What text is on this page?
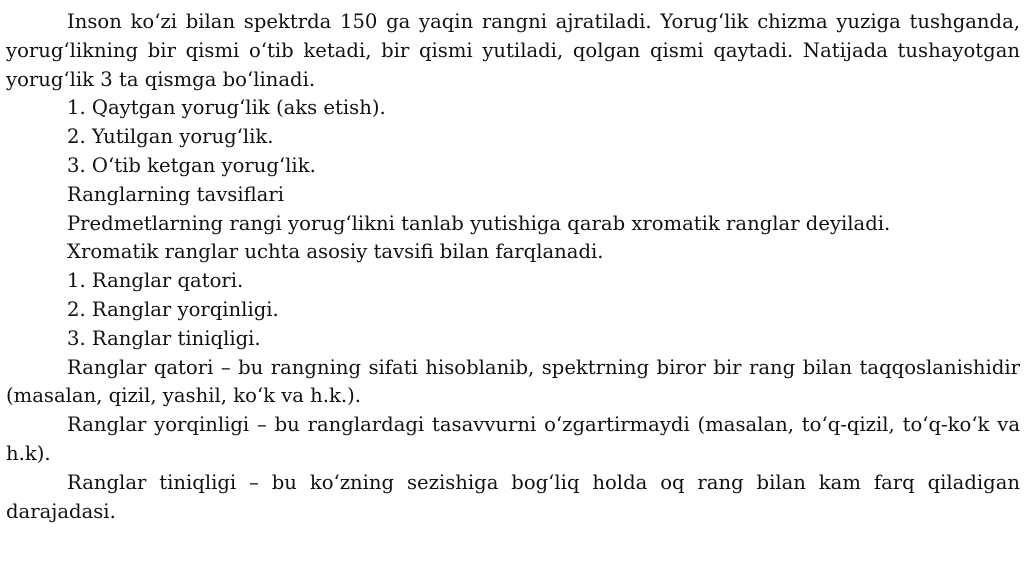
Inson ko‘zi bilan spektrda 150 ga yaqin rangni ajratiladi. Yorug‘lik chizma yuziga tushganda, yorug‘likning bir qismi o‘tib ketadi, bir qismi yutiladi, qolgan qismi qaytadi. Natijada tushayotgan yorug‘lik 3 ta qismga bo‘linadi.

1. Qaytgan yorug‘lik (aks etish).

2. Yutilgan yorug‘lik.

3. O‘tib ketgan yorug‘lik.

Ranglarning tavsiflari

Predmetlarning rangi yorug‘likni tanlab yutishiga qarab xromatik ranglar deyiladi.

Xromatik ranglar uchta asosiy tavsifi bilan farqlanadi.

1. Ranglar qatori.

2. Ranglar yorqinligi.

3. Ranglar tiniqligi.

Ranglar qatori – bu rangning sifati hisoblanib, spektrning biror bir rang bilan taqqoslanishidir (masalan, qizil, yashil, ko‘k va h.k.).

Ranglar yorqinligi – bu ranglardagi tasavvurni o‘zgartirmaydi (masalan, to‘q-qizil, to‘q-ko‘k va h.k).

Ranglar tiniqligi – bu ko‘zning sezishiga bog‘liq holda oq rang bilan kam farq qiladigan darajadasi.
